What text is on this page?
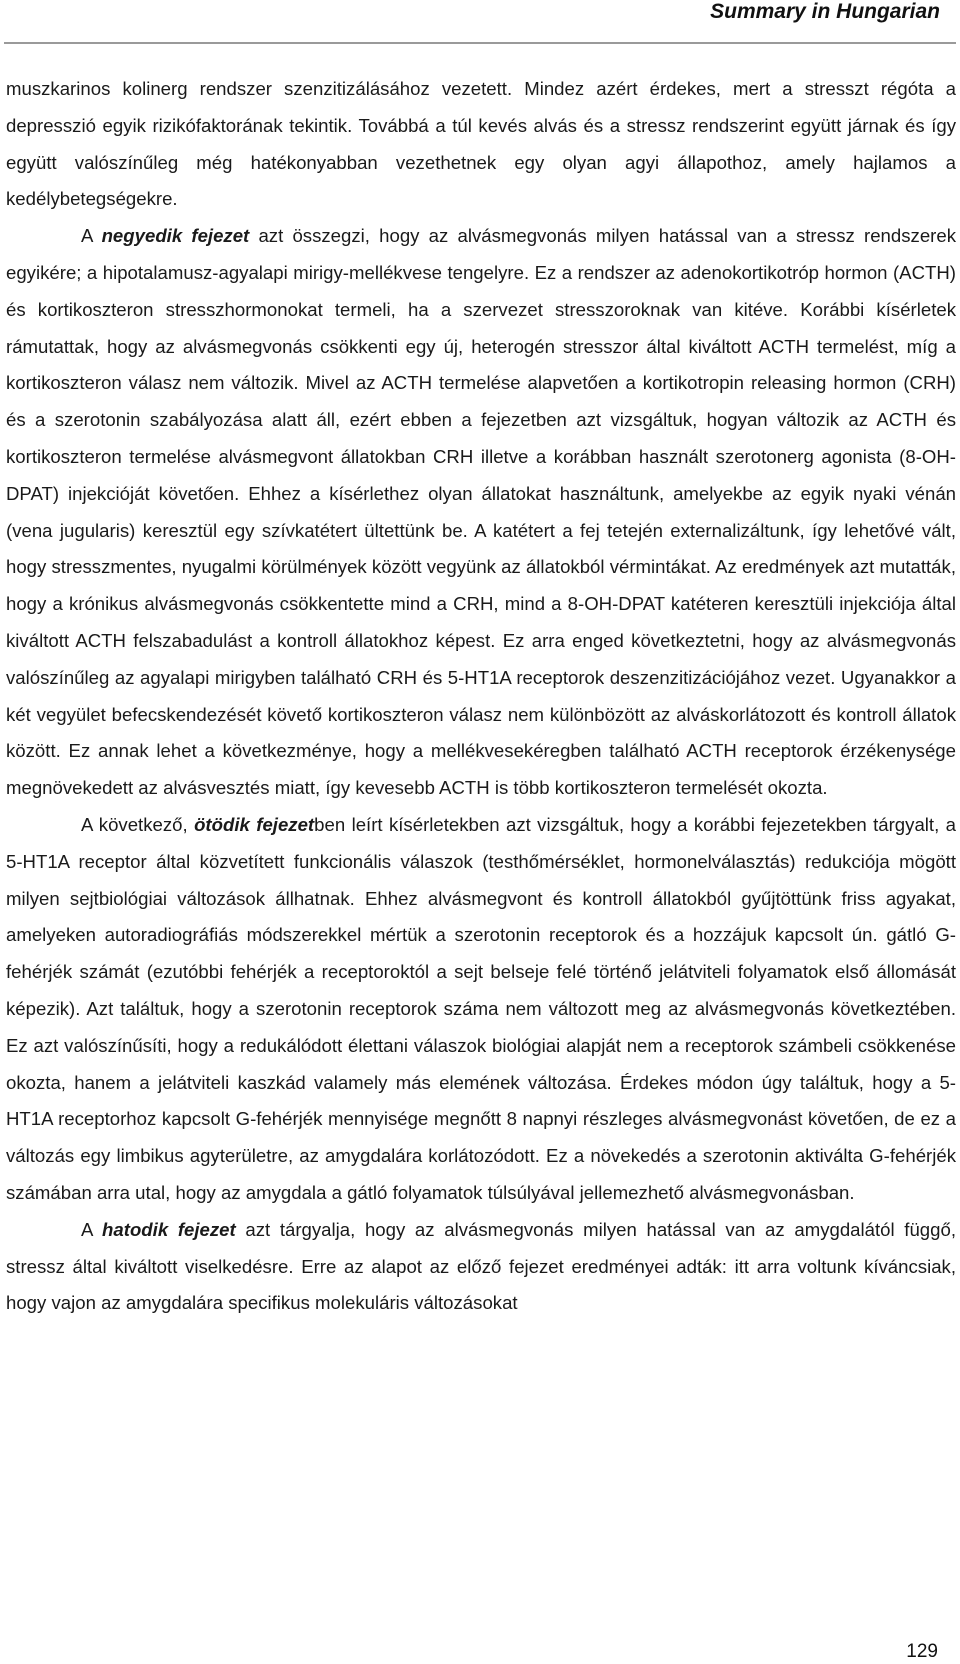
Summary in Hungarian

muszkarinos kolinerg rendszer szenzitizálásához vezetett. Mindez azért érdekes, mert a stresszt régóta a depresszió egyik rizikófaktorának tekintik. Továbbá a túl kevés alvás és a stressz rendszerint együtt járnak és így együtt valószínűleg még hatékonyabban vezethetnek egy olyan agyi állapothoz, amely hajlamos a kedélybetegségekre.

A negyedik fejezet azt összegzi, hogy az alvásmegvonás milyen hatással van a stressz rendszerek egyikére; a hipotalamusz-agyalapi mirigy-mellékvese tengelyre. Ez a rendszer az adenokortikotróp hormon (ACTH) és kortikoszteron stresszhormonokat termeli, ha a szervezet stresszoroknak van kitéve. Korábbi kísérletek rámutattak, hogy az alvásmegvonás csökkenti egy új, heterogén stresszor által kiváltott ACTH termelést, míg a kortikoszteron válasz nem változik. Mivel az ACTH termelése alapvetően a kortikotropin releasing hormon (CRH) és a szerotonin szabályozása alatt áll, ezért ebben a fejezetben azt vizsgáltuk, hogyan változik az ACTH és kortikoszteron termelése alvásmegvont állatokban CRH illetve a korábban használt szerotonerg agonista (8-OH-DPAT) injekcióját követően. Ehhez a kísérlethez olyan állatokat használtunk, amelyekbe az egyik nyaki vénán (vena jugularis) keresztül egy szívkatétert ültettünk be. A katétert a fej tetején externalizáltunk, így lehetővé vált, hogy stresszmentes, nyugalmi körülmények között vegyünk az állatokból vérmintákat. Az eredmények azt mutatták, hogy a krónikus alvásmegvonás csökkentette mind a CRH, mind a 8-OH-DPAT katéteren keresztüli injekciója által kiváltott ACTH felszabadulást a kontroll állatokhoz képest. Ez arra enged következtetni, hogy az alvásmegvonás valószínűleg az agyalapi mirigyben található CRH és 5-HT1A receptorok deszenzitizációjához vezet. Ugyanakkor a két vegyület befecskendezését követő kortikoszteron válasz nem különbözött az alváskorlátozott és kontroll állatok között. Ez annak lehet a következménye, hogy a mellékvesekéregben található ACTH receptorok érzékenysége megnövekedett az alvásvesztés miatt, így kevesebb ACTH is több kortikoszteron termelését okozta.

A következő, ötödik fejezetben leírt kísérletekben azt vizsgáltuk, hogy a korábbi fejezetekben tárgyalt, a 5-HT1A receptor által közvetített funkcionális válaszok (testhőmérséklet, hormonelválasztás) redukciója mögött milyen sejtbiológiai változások állhatnak. Ehhez alvásmegvont és kontroll állatokból gyűjtöttünk friss agyakat, amelyeken autoradiográfiás módszerekkel mértük a szerotonin receptorok és a hozzájuk kapcsolt ún. gátló G-fehérjék számát (ezutóbbi fehérjék a receptoroktól a sejt belseje felé történő jelátviteli folyamatok első állomását képezik). Azt találtuk, hogy a szerotonin receptorok száma nem változott meg az alvásmegvonás következtében. Ez azt valószínűsíti, hogy a redukálódott élettani válaszok biológiai alapját nem a receptorok számbeli csökkenése okozta, hanem a jelátviteli kaszkád valamely más elemének változása. Érdekes módon úgy találtuk, hogy a 5-HT1A receptorhoz kapcsolt G-fehérjék mennyisége megnőtt 8 napnyi részleges alvásmegvonást követően, de ez a változás egy limbikus agyterületre, az amygdalára korlátozódott. Ez a növekedés a szerotonin aktiválta G-fehérjék számában arra utal, hogy az amygdala a gátló folyamatok túlsúlyával jellemezhető alvásmegvonásban.

A hatodik fejezet azt tárgyalja, hogy az alvásmegvonás milyen hatással van az amygdalától függő, stressz által kiváltott viselkedésre. Erre az alapot az előző fejezet eredményei adták: itt arra voltunk kíváncsiak, hogy vajon az amygdalára specifikus molekuláris változásokat

129
